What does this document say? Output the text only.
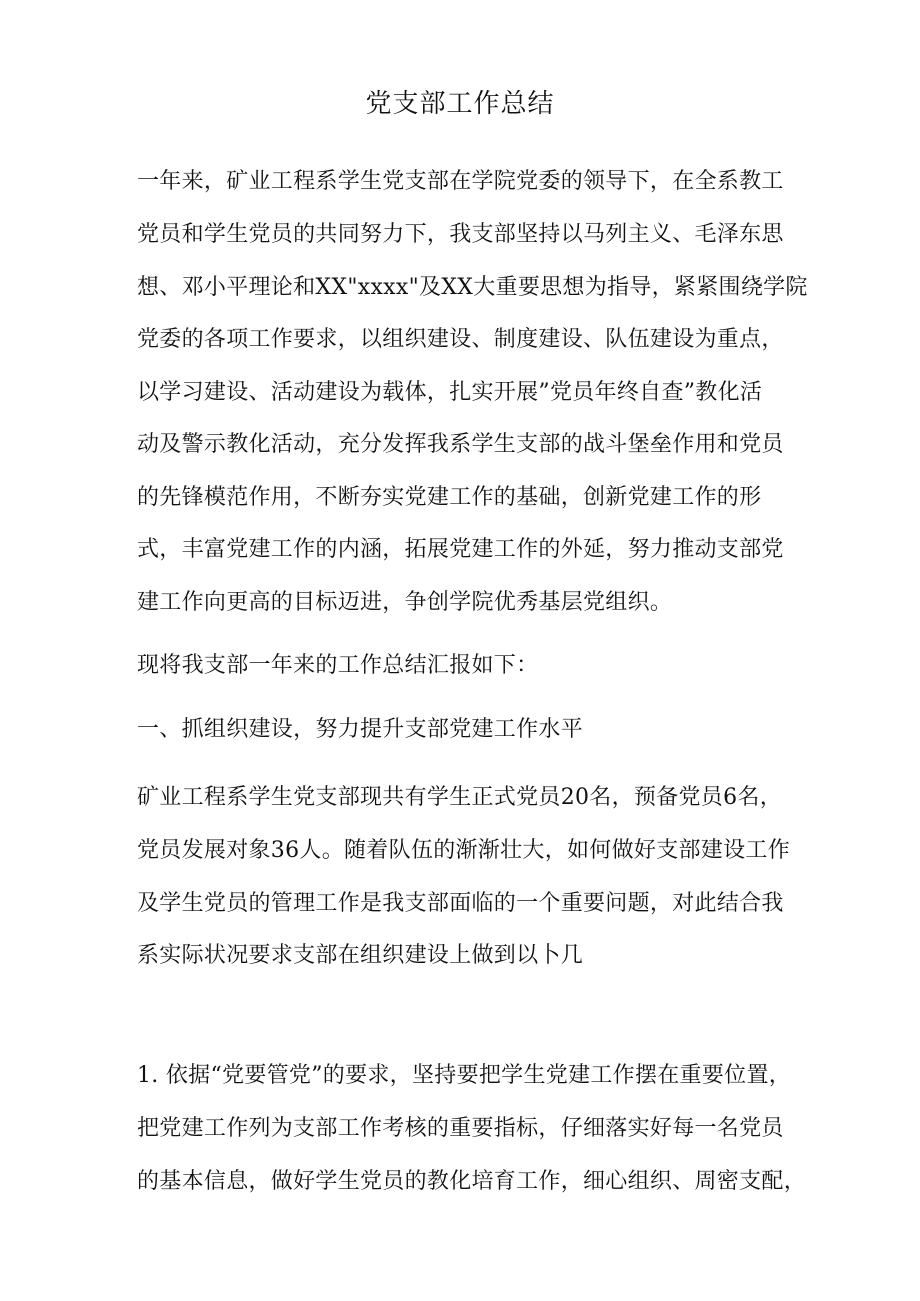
党支部工作总结
一年来，矿业工程系学生党支部在学院党委的领导下，在全系教工
党员和学生党员的共同努力下，我支部坚持以马列主义、毛泽东思
想、邓小平理论和XX"xxxx"及XX大重要思想为指导，紧紧围绕学院
党委的各项工作要求，以组织建设、制度建设、队伍建设为重点，
以学习建设、活动建设为载体，扎实开展”党员年终自查”教化活
动及警示教化活动，充分发挥我系学生支部的战斗堡垒作用和党员
的先锋模范作用，不断夯实党建工作的基础，创新党建工作的形
式，丰富党建工作的内涵，拓展党建工作的外延，努力推动支部党
建工作向更高的目标迈进，争创学院优秀基层党组织。
现将我支部一年来的工作总结汇报如下：
一、抓组织建设，努力提升支部党建工作水平
矿业工程系学生党支部现共有学生正式党员20名，预备党员6名，
党员发展对象36人。随着队伍的渐渐壮大，如何做好支部建设工作
及学生党员的管理工作是我支部面临的一个重要问题，对此结合我
系实际状况要求支部在组织建设上做到以卜几
1. 依据“党要管党”的要求，坚持要把学生党建工作摆在重要位置，
把党建工作列为支部工作考核的重要指标，仔细落实好每一名党员
的基本信息，做好学生党员的教化培育工作，细心组织、周密支配，
